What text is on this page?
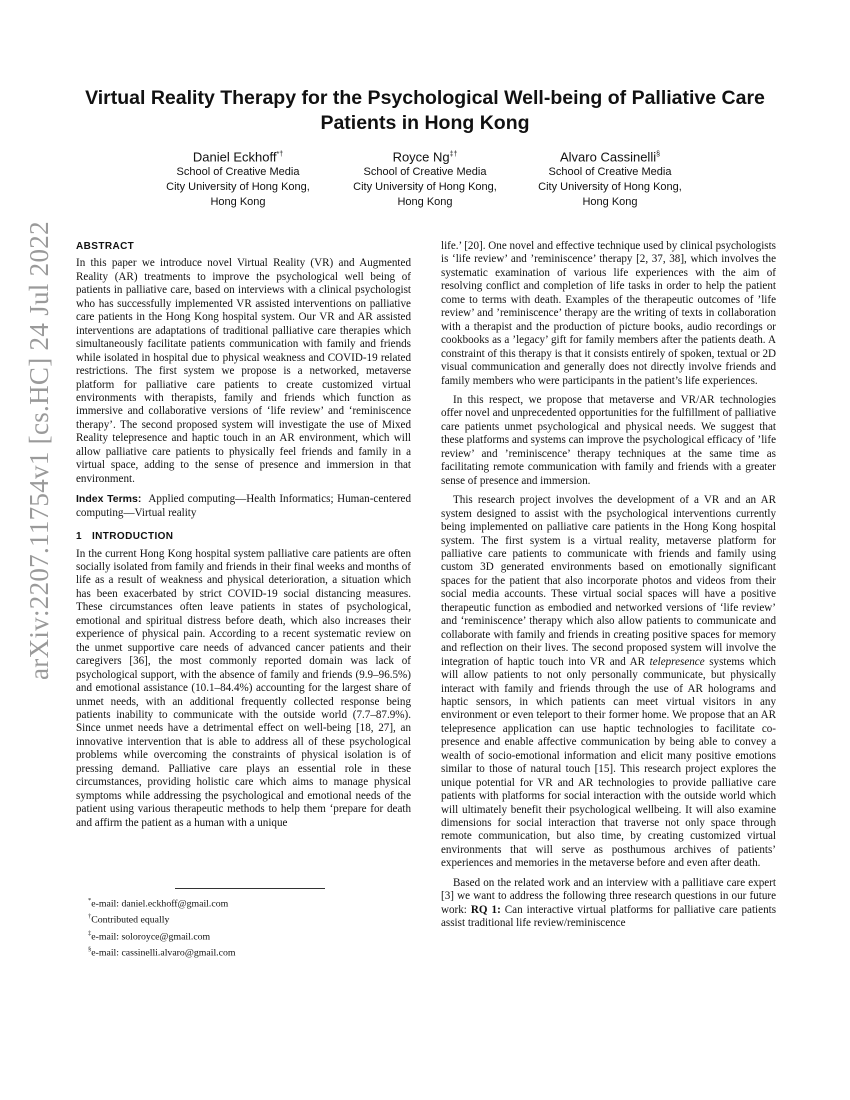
arXiv:2207.11754v1 [cs.HC] 24 Jul 2022
Virtual Reality Therapy for the Psychological Well-being of Palliative Care Patients in Hong Kong
Daniel Eckhoff*†
School of Creative Media
City University of Hong Kong,
Hong Kong
Royce Ng‡†
School of Creative Media
City University of Hong Kong,
Hong Kong
Alvaro Cassinelli§
School of Creative Media
City University of Hong Kong,
Hong Kong
ABSTRACT

In this paper we introduce novel Virtual Reality (VR) and Augmented Reality (AR) treatments to improve the psychological well being of patients in palliative care, based on interviews with a clinical psychologist who has successfully implemented VR assisted interventions on palliative care patients in the Hong Kong hospital system. Our VR and AR assisted interventions are adaptations of traditional palliative care therapies which simultaneously facilitate patients communication with family and friends while isolated in hospital due to physical weakness and COVID-19 related restrictions. The first system we propose is a networked, metaverse platform for palliative care patients to create customized virtual environments with therapists, family and friends which function as immersive and collaborative versions of ‘life review’ and ‘reminiscence therapy’. The second proposed system will investigate the use of Mixed Reality telepresence and haptic touch in an AR environment, which will allow palliative care patients to physically feel friends and family in a virtual space, adding to the sense of presence and immersion in that environment.

Index Terms: Applied computing—Health Informatics; Human-centered computing—Virtual reality

1 INTRODUCTION

In the current Hong Kong hospital system palliative care patients are often socially isolated from family and friends in their final weeks and months of life as a result of weakness and physical deterioration, a situation which has been exacerbated by strict COVID-19 social distancing measures. These circumstances often leave patients in states of psychological, emotional and spiritual distress before death, which also increases their experience of physical pain. According to a recent systematic review on the unmet supportive care needs of advanced cancer patients and their caregivers [36], the most commonly reported domain was lack of psychological support, with the absence of family and friends (9.9–96.5%) and emotional assistance (10.1–84.4%) accounting for the largest share of unmet needs, with an additional frequently collected response being patients inability to communicate with the outside world (7.7–87.9%). Since unmet needs have a detrimental effect on well-being [18, 27], an innovative intervention that is able to address all of these psychological problems while overcoming the constraints of physical isolation is of pressing demand. Palliative care plays an essential role in these circumstances, providing holistic care which aims to manage physical symptoms while addressing the psychological and emotional needs of the patient using various therapeutic methods to help them ‘prepare for death and affirm the patient as a human with a unique

*e-mail: daniel.eckhoff@gmail.com
†Contributed equally
‡e-mail: soloroyce@gmail.com
§e-mail: cassinelli.alvaro@gmail.com

life.’ [20]. One novel and effective technique used by clinical psychologists is ‘life review’ and ’reminiscence’ therapy [2, 37, 38], which involves the systematic examination of various life experiences with the aim of resolving conflict and completion of life tasks in order to help the patient come to terms with death. Examples of the therapeutic outcomes of ’life review’ and ’reminiscence’ therapy are the writing of texts in collaboration with a therapist and the production of picture books, audio recordings or cookbooks as a ’legacy’ gift for family members after the patients death. A constraint of this therapy is that it consists entirely of spoken, textual or 2D visual communication and generally does not directly involve friends and family members who were participants in the patient’s life experiences.

In this respect, we propose that metaverse and VR/AR technologies offer novel and unprecedented opportunities for the fulfillment of palliative care patients unmet psychological and physical needs. We suggest that these platforms and systems can improve the psychological efficacy of ’life review’ and ’reminiscence’ therapy techniques at the same time as facilitating remote communication with family and friends with a greater sense of presence and immersion.

This research project involves the development of a VR and an AR system designed to assist with the psychological interventions currently being implemented on palliative care patients in the Hong Kong hospital system. The first system is a virtual reality, metaverse platform for palliative care patients to communicate with friends and family using custom 3D generated environments based on emotionally significant spaces for the patient that also incorporate photos and videos from their social media accounts. These virtual social spaces will have a positive therapeutic function as embodied and networked versions of ‘life review’ and ‘reminiscence’ therapy which also allow patients to communicate and collaborate with family and friends in creating positive spaces for memory and reflection on their lives. The second proposed system will involve the integration of haptic touch into VR and AR telepresence systems which will allow patients to not only personally communicate, but physically interact with family and friends through the use of AR holograms and haptic sensors, in which patients can meet virtual visitors in any environment or even teleport to their former home. We propose that an AR telepresence application can use haptic technologies to facilitate co-presence and enable affective communication by being able to convey a wealth of socio-emotional information and elicit many positive emotions similar to those of natural touch [15]. This research project explores the unique potential for VR and AR technologies to provide palliative care patients with platforms for social interaction with the outside world which will ultimately benefit their psychological wellbeing. It will also examine dimensions for social interaction that traverse not only space through remote communication, but also time, by creating customized virtual environments that will serve as posthumous archives of patients’ experiences and memories in the metaverse before and even after death.

Based on the related work and an interview with a pallitiave care expert [3] we want to address the following three research questions in our future work: RQ 1: Can interactive virtual platforms for palliative care patients assist traditional life review/reminiscence
